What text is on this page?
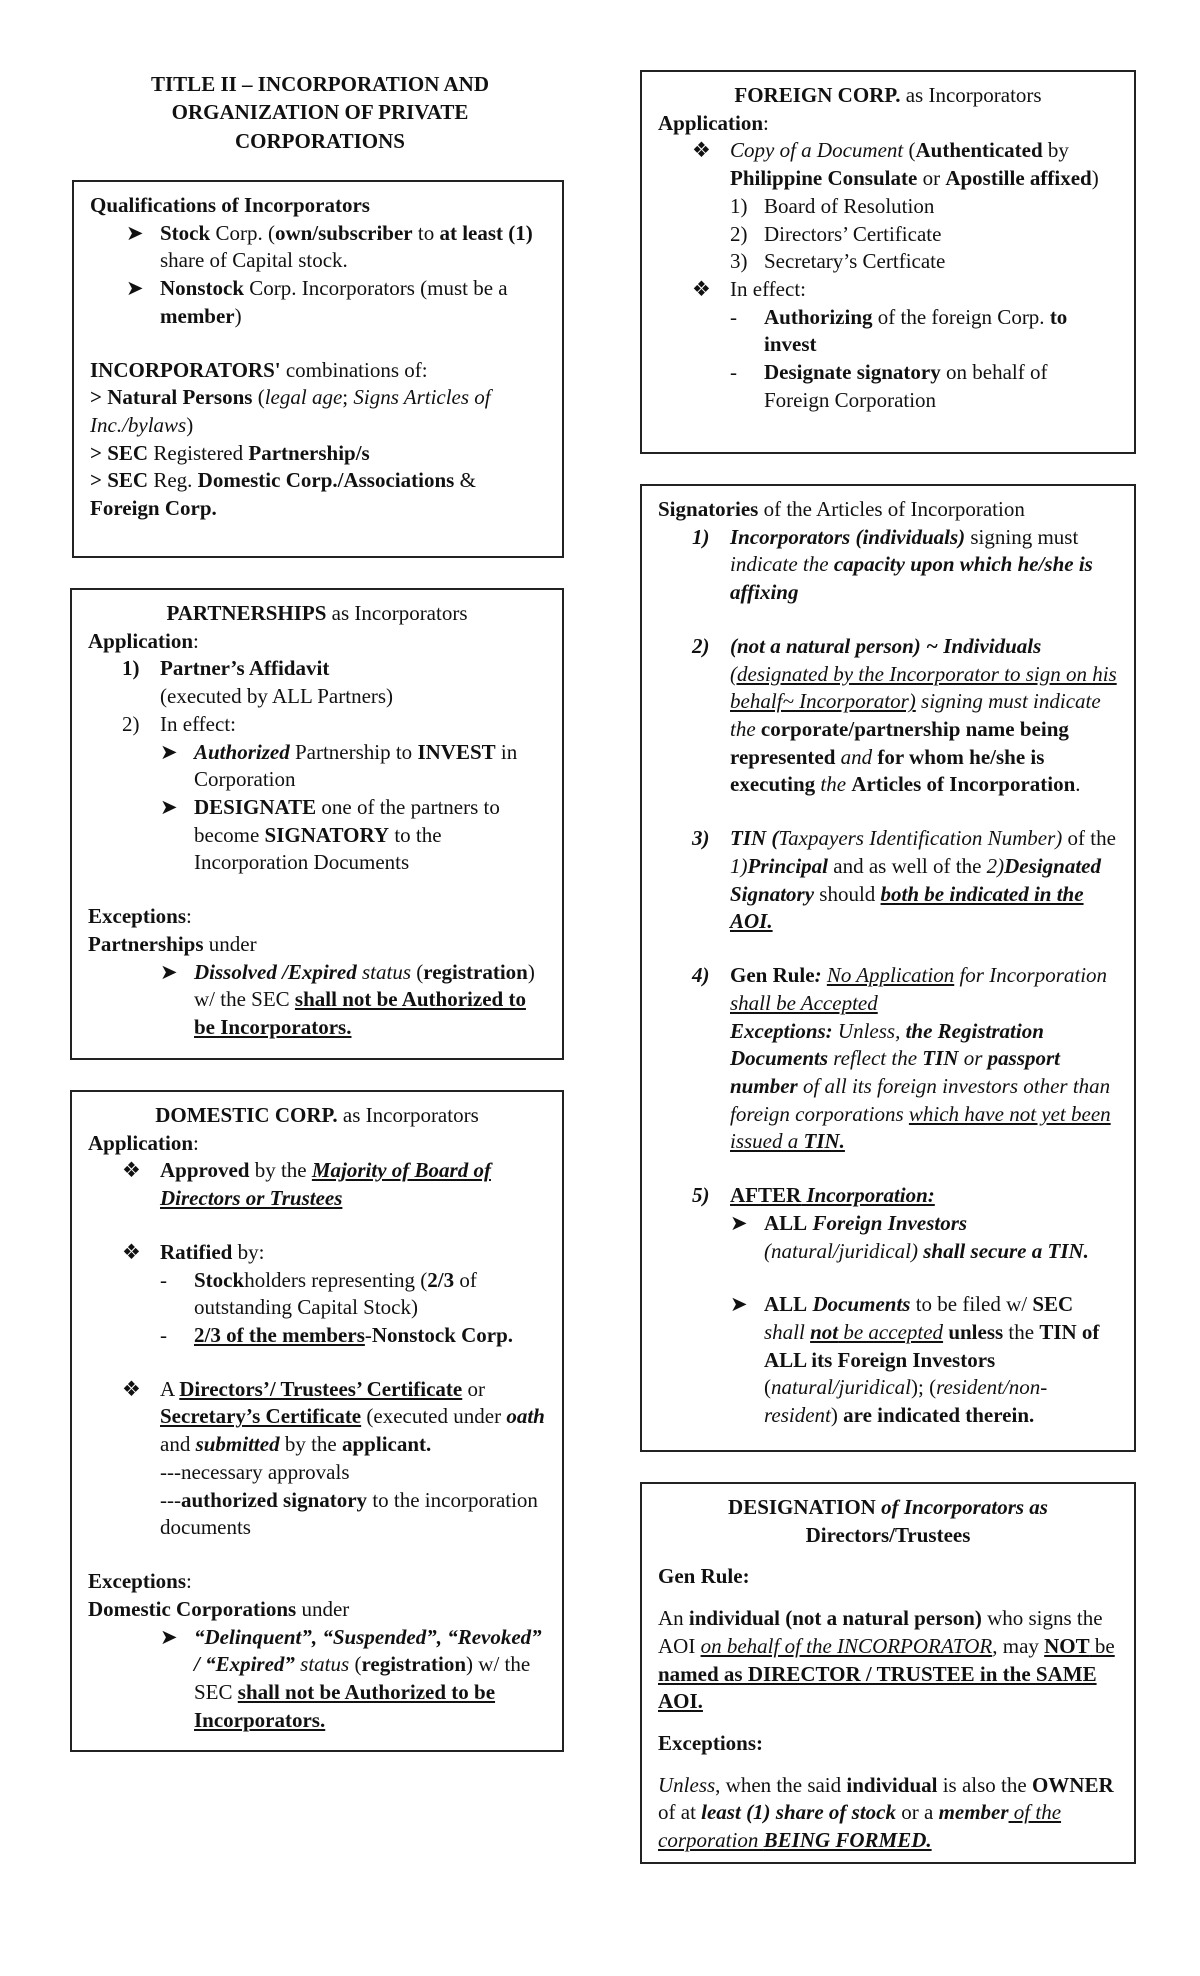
TITLE II – INCORPORATION AND
ORGANIZATION OF PRIVATE
CORPORATIONS

Qualifications of Incorporators

➤ Stock Corp. (own/subscriber to at least (1) share of Capital stock.
➤ Nonstock Corp. Incorporators (must be a member)

INCORPORATORS' combinations of:

> Natural Persons (legal age; Signs Articles of Inc./bylaws)

> SEC Registered Partnership/s

> SEC Reg. Domestic Corp./Associations & Foreign Corp.

PARTNERSHIPS as Incorporators

Application:

1) Partner’s Affidavit
(executed by ALL Partners)
2) In effect:
➤ Authorized Partnership to INVEST in Corporation
➤ DESIGNATE one of the partners to become SIGNATORY to the Incorporation Documents

Exceptions:

Partnerships under

➤ Dissolved /Expired status (registration) w/ the SEC shall not be Authorized to be Incorporators.

DOMESTIC CORP. as Incorporators

Application:

❖ Approved by the Majority of Board of Directors or Trustees
❖ Ratified by:
-	Stockholders representing (2/3 of outstanding Capital Stock)
-	2/3 of the members-Nonstock Corp.
❖ A Directors’/ Trustees’ Certificate or Secretary’s Certificate (executed under oath and submitted by the applicant.
---necessary approvals
---authorized signatory to the incorporation documents

Exceptions:

Domestic Corporations under

➤ “Delinquent”, “Suspended”, “Revoked” / “Expired” status (registration) w/ the SEC shall not be Authorized to be Incorporators.

FOREIGN CORP. as Incorporators

Application:

❖ Copy of a Document (Authenticated by Philippine Consulate or Apostille affixed)
1) Board of Resolution
2) Directors’ Certificate
3) Secretary’s Certficate
❖ In effect:
-	Authorizing of the foreign Corp. to invest
-	Designate signatory on behalf of Foreign Corporation

Signatories of the Articles of Incorporation

1) Incorporators (individuals) signing must indicate the capacity upon which he/she is affixing
2) (not a natural person) ~ Individuals (designated by the Incorporator to sign on his behalf~ Incorporator) signing must indicate the corporate/partnership name being represented and for whom he/she is executing the Articles of Incorporation.
3) TIN (Taxpayers Identification Number) of the 1)Principal and as well of the 2)Designated Signatory should both be indicated in the AOI.
4) Gen Rule: No Application for Incorporation shall be Accepted
Exceptions: Unless, the Registration Documents reflect the TIN or passport number of all its foreign investors other than foreign corporations which have not yet been issued a TIN.
5) AFTER Incorporation:
➤ ALL Foreign Investors
(natural/juridical) shall secure a TIN.
➤ ALL Documents to be filed w/ SEC
shall not be accepted unless the TIN of ALL its Foreign Investors (natural/juridical); (resident/non-resident) are indicated therein.

DESIGNATION of Incorporators as
Directors/Trustees

Gen Rule:

An individual (not a natural person) who signs the AOI on behalf of the INCORPORATOR, may NOT be named as DIRECTOR / TRUSTEE in the SAME AOI.

Exceptions:

Unless, when the said individual is also the OWNER of at least (1) share of stock or a member of the corporation BEING FORMED.
